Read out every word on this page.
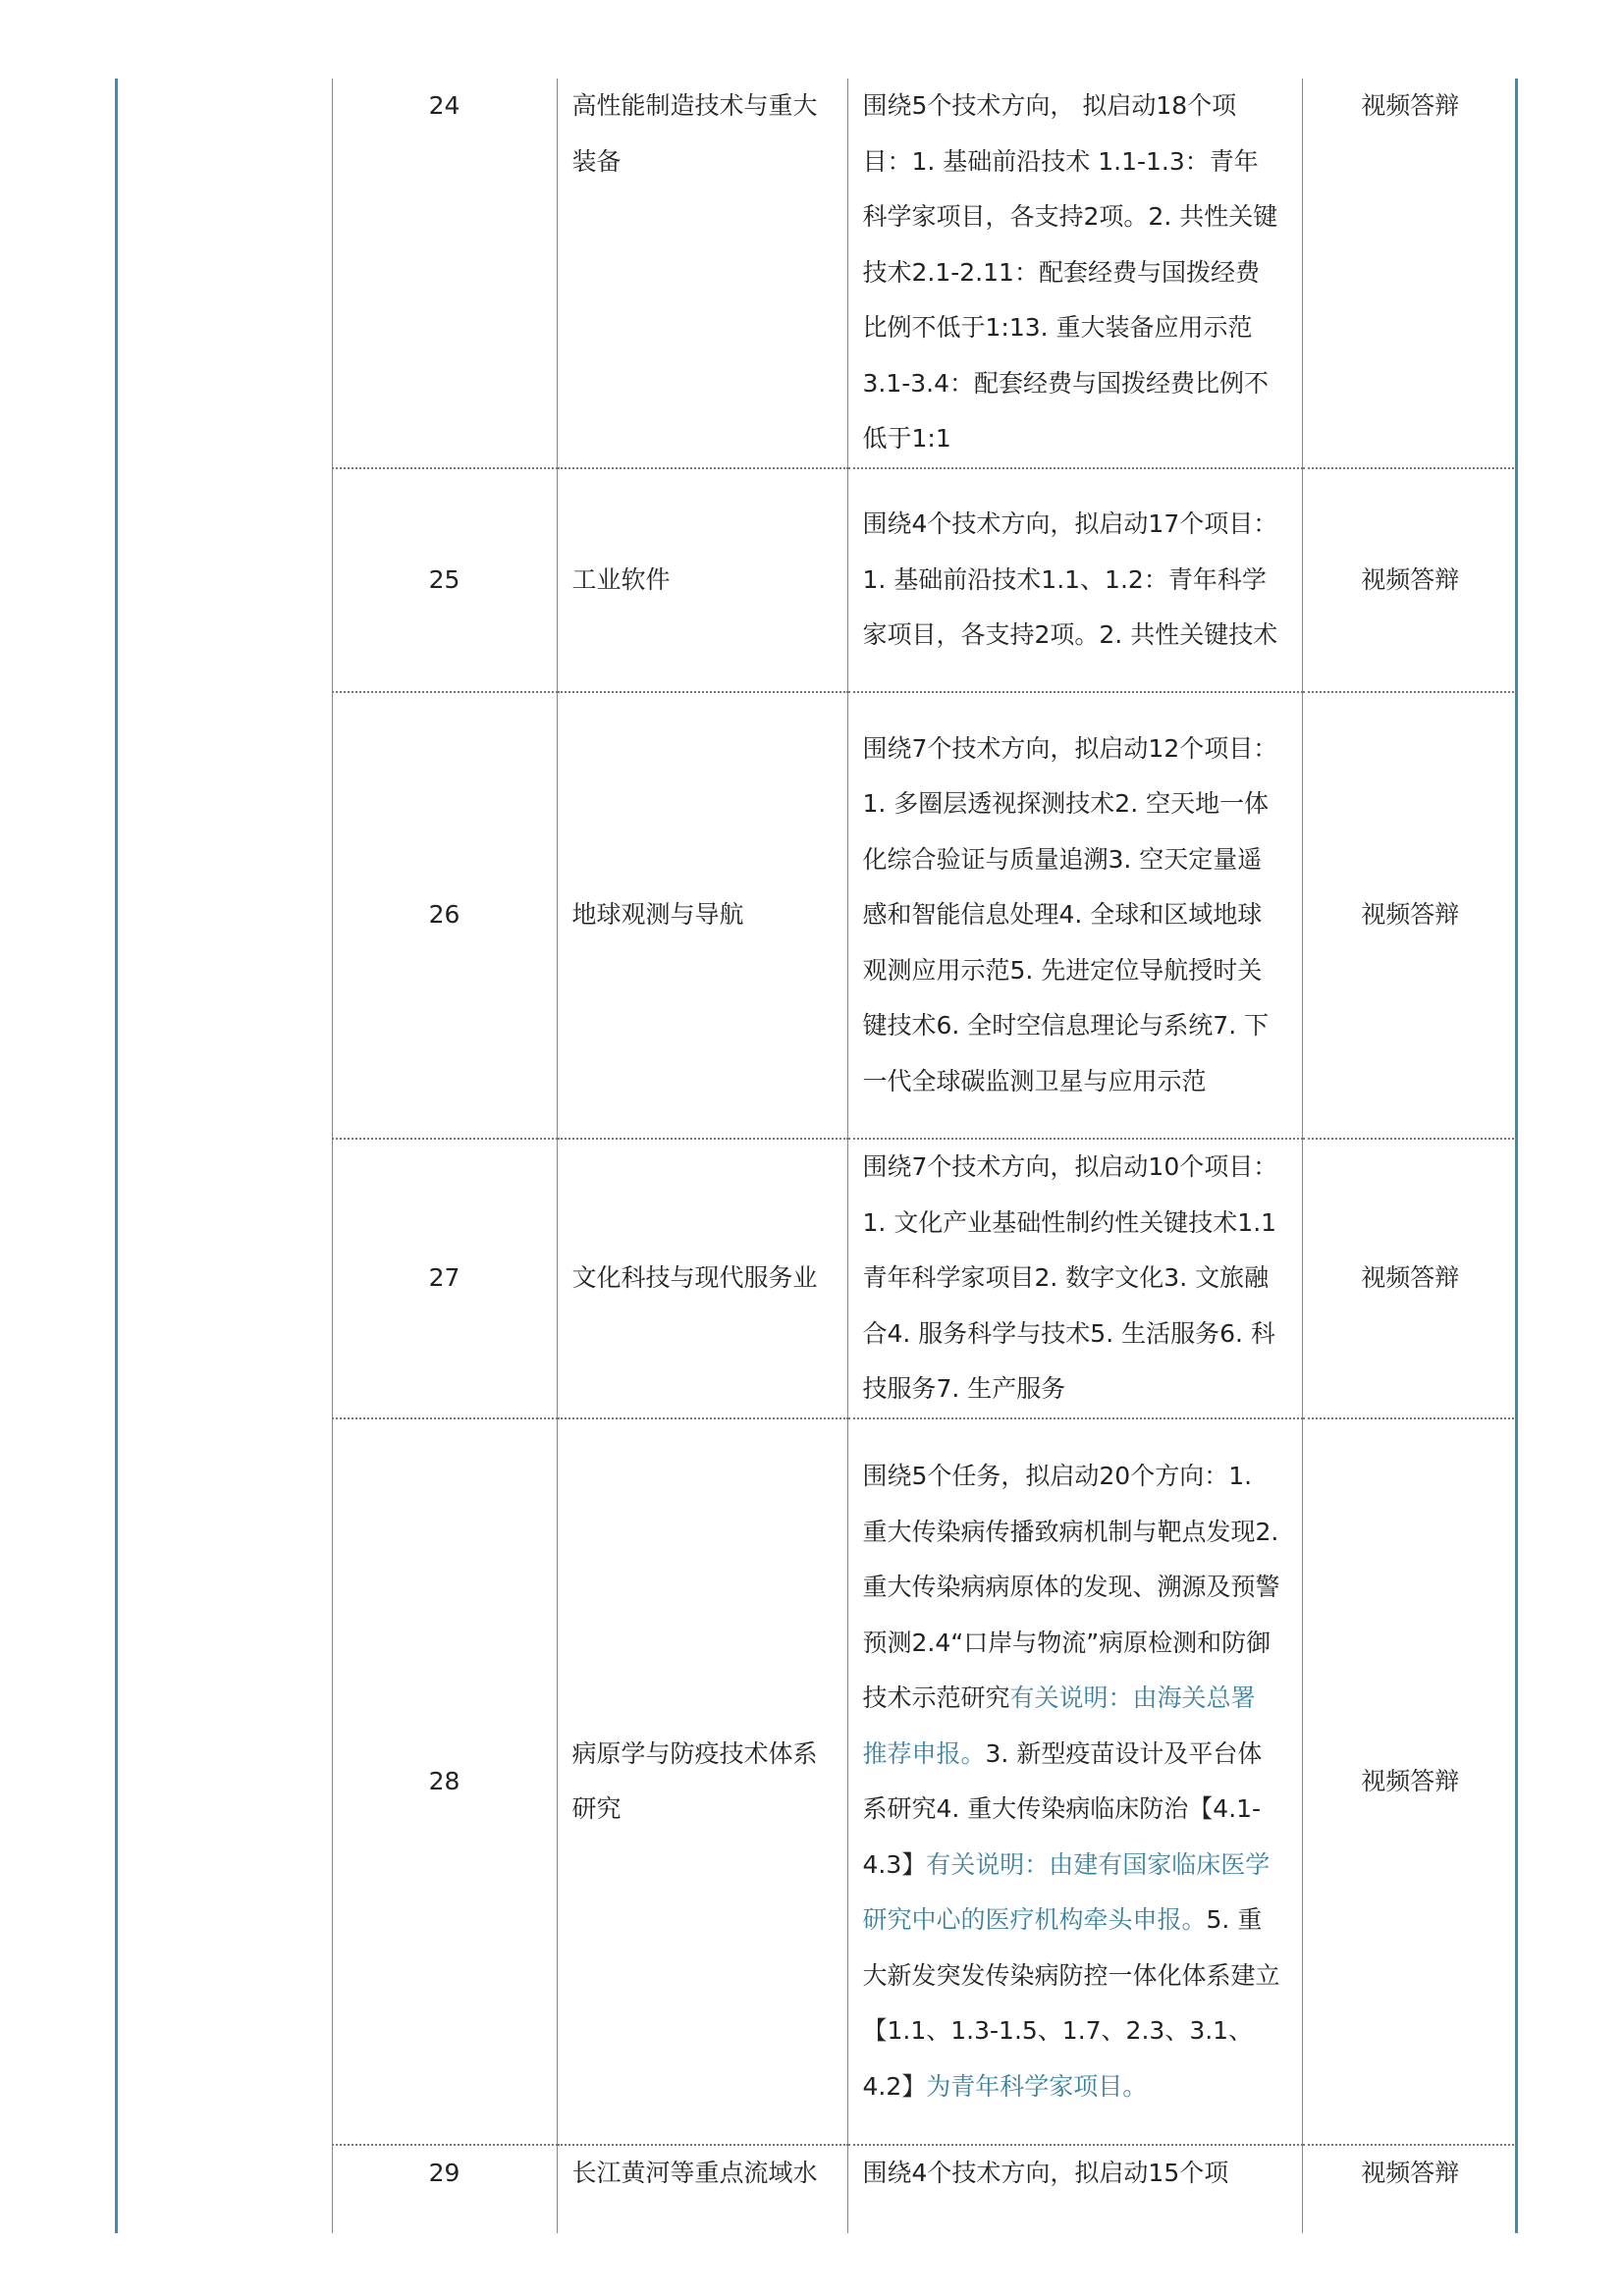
		24	高性能制造技术与重大装备	围绕5个技术方向， 拟启动18个项目：1. 基础前沿技术 1.1-1.3：青年科学家项目，各支持2项。2. 共性关键技术2.1-2.11：配套经费与国拨经费比例不低于1:13. 重大装备应用示范3.1-3.4：配套经费与国拨经费比例不低于1:1	视频答辩
		25	工业软件	围绕4个技术方向，拟启动17个项目：1. 基础前沿技术1.1、1.2：青年科学家项目，各支持2项。2. 共性关键技术	视频答辩
		26	地球观测与导航	围绕7个技术方向，拟启动12个项目：1. 多圈层透视探测技术2. 空天地一体化综合验证与质量追溯3. 空天定量遥感和智能信息处理4. 全球和区域地球观测应用示范5. 先进定位导航授时关键技术6. 全时空信息理论与系统7. 下一代全球碳监测卫星与应用示范	视频答辩
		27	文化科技与现代服务业	围绕7个技术方向，拟启动10个项目：1. 文化产业基础性制约性关键技术1.1青年科学家项目2. 数字文化3. 文旅融合4. 服务科学与技术5. 生活服务6. 科技服务7. 生产服务	视频答辩
		28	病原学与防疫技术体系研究	围绕5个任务，拟启动20个方向：1. 重大传染病传播致病机制与靶点发现2. 重大传染病病原体的发现、溯源及预警预测2.4“口岸与物流”病原检测和防御技术示范研究有关说明：由海关总署推荐申报。3. 新型疫苗设计及平台体系研究4. 重大传染病临床防治【4.1-4.3】有关说明：由建有国家临床医学研究中心的医疗机构牵头申报。5. 重大新发突发传染病防控一体化体系建立【1.1、1.3-1.5、1.7、2.3、3.1、4.2】为青年科学家项目。	视频答辩
		29	长江黄河等重点流域水	围绕4个技术方向，拟启动15个项	视频答辩
